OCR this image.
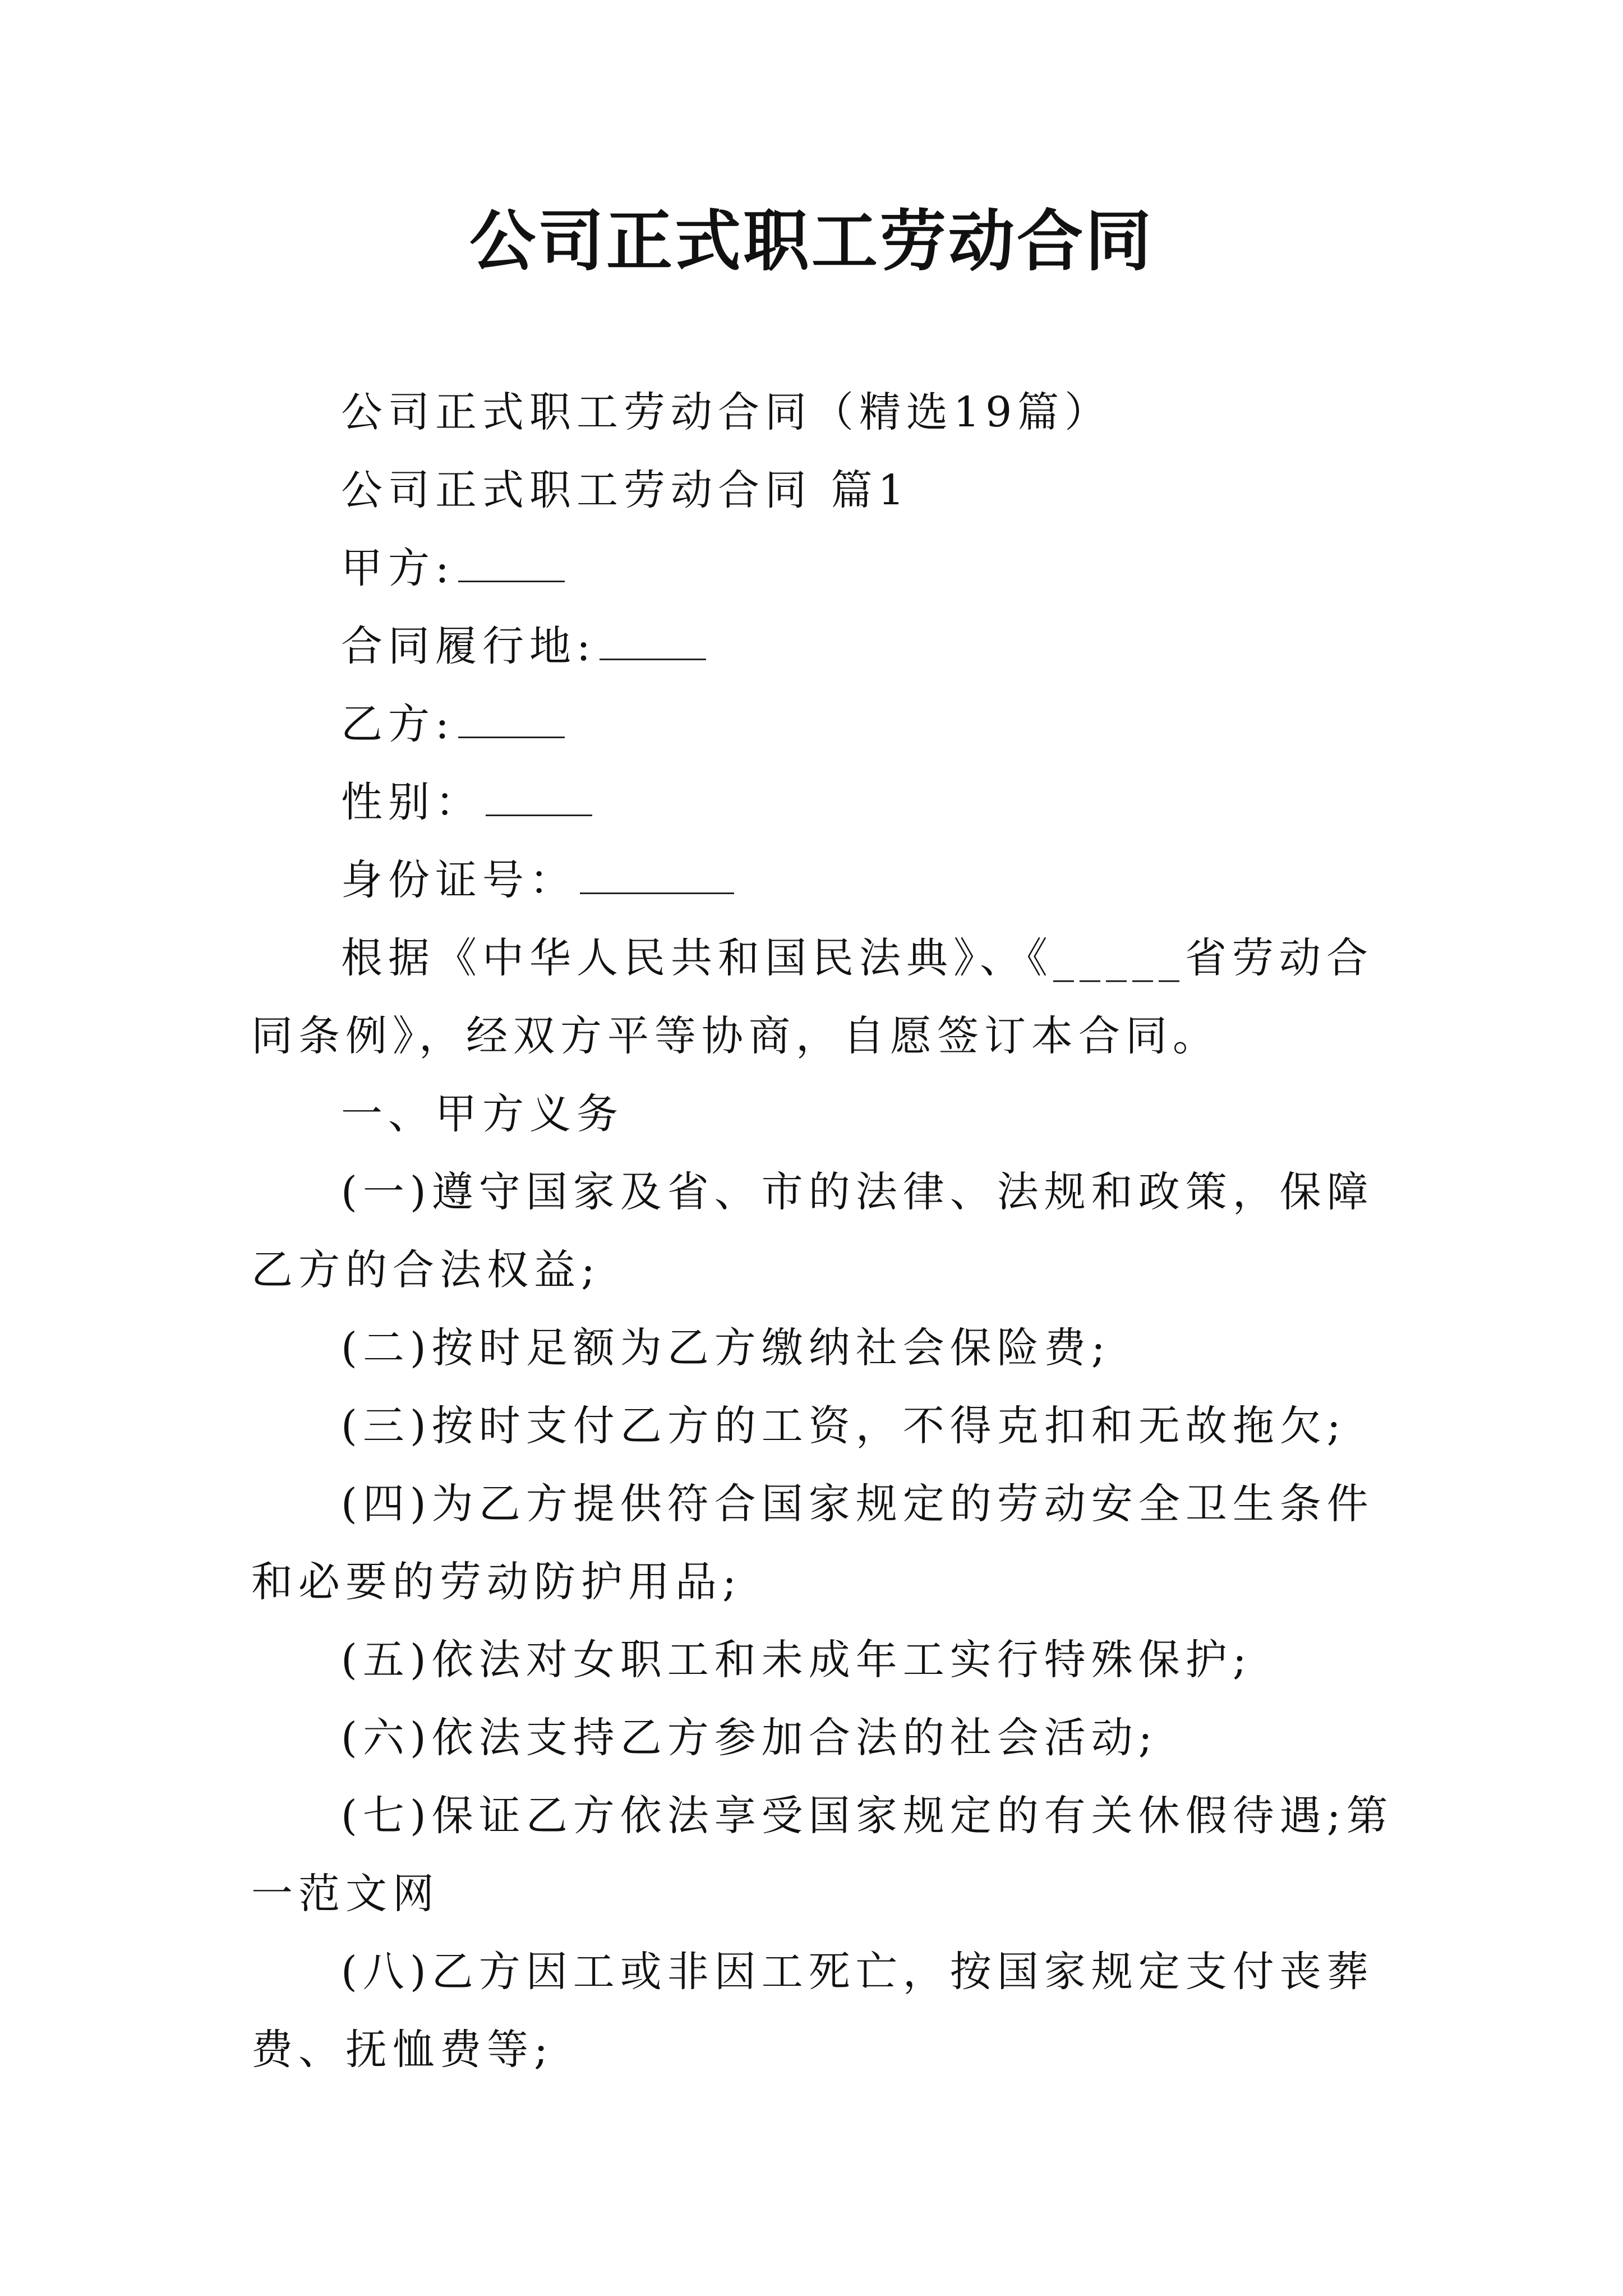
公司正式职工劳动合同

公司正式职工劳动合同（精选19篇）

公司正式职工劳动合同 篇1

甲方:

合同履行地:

乙方:

性别：

身份证号：

根据《中华人民共和国民法典》、《_____省劳动合同条例》，经双方平等协商，自愿签订本合同。

一、甲方义务

(一)遵守国家及省、市的法律、法规和政策，保障乙方的合法权益;

(二)按时足额为乙方缴纳社会保险费;

(三)按时支付乙方的工资，不得克扣和无故拖欠;

(四)为乙方提供符合国家规定的劳动安全卫生条件和必要的劳动防护用品;

(五)依法对女职工和未成年工实行特殊保护;

(六)依法支持乙方参加合法的社会活动;

(七)保证乙方依法享受国家规定的有关休假待遇;第一范文网

(八)乙方因工或非因工死亡，按国家规定支付丧葬费、抚恤费等;
